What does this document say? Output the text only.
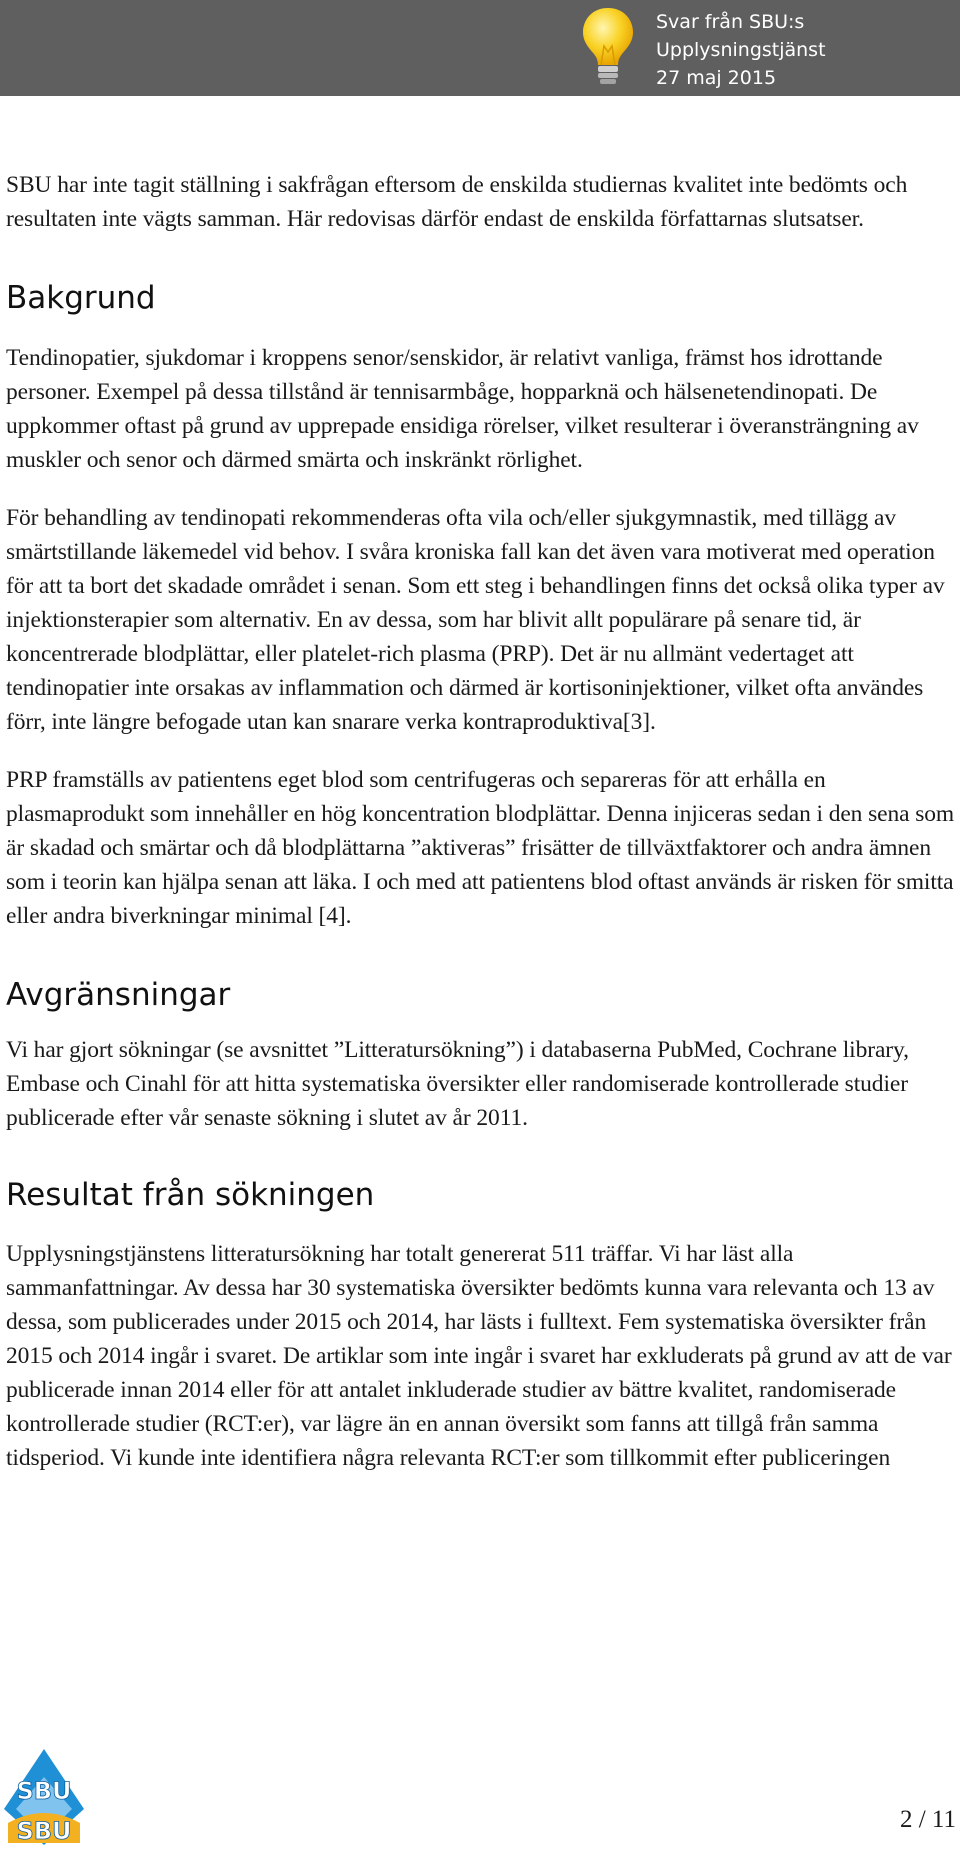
Svar från SBU:s Upplysningstjänst
27 maj 2015

SBU har inte tagit ställning i sakfrågan eftersom de enskilda studiernas kvalitet inte bedömts och resultaten inte vägts samman. Här redovisas därför endast de enskilda författarnas slutsatser.

Bakgrund

Tendinopatier, sjukdomar i kroppens senor/senskidor, är relativt vanliga, främst hos idrottande personer. Exempel på dessa tillstånd är tennisarmbåge, hopparknä och hälsenetendinopati. De uppkommer oftast på grund av upprepade ensidiga rörelser, vilket resulterar i överansträngning av muskler och senor och därmed smärta och inskränkt rörlighet.

För behandling av tendinopati rekommenderas ofta vila och/eller sjukgymnastik, med tillägg av smärtstillande läkemedel vid behov. I svåra kroniska fall kan det även vara motiverat med operation för att ta bort det skadade området i senan. Som ett steg i behandlingen finns det också olika typer av injektionsterapier som alternativ. En av dessa, som har blivit allt populärare på senare tid, är koncentrerade blodplättar, eller platelet-rich plasma (PRP). Det är nu allmänt vedertaget att tendinopatier inte orsakas av inflammation och därmed är kortisoninjektioner, vilket ofta användes förr, inte längre befogade utan kan snarare verka kontraproduktiva[3].

PRP framställs av patientens eget blod som centrifugeras och separeras för att erhålla en plasmaprodukt som innehåller en hög koncentration blodplättar. Denna injiceras sedan i den sena som är skadad och smärtar och då blodplättarna ”aktiveras” frisätter de tillväxtfaktorer och andra ämnen som i teorin kan hjälpa senan att läka. I och med att patientens blod oftast används är risken för smitta eller andra biverkningar minimal [4].

Avgränsningar

Vi har gjort sökningar (se avsnittet ”Litteratursökning”) i databaserna PubMed, Cochrane library, Embase och Cinahl för att hitta systematiska översikter eller randomiserade kontrollerade studier publicerade efter vår senaste sökning i slutet av år 2011.

Resultat från sökningen

Upplysningstjänstens litteratursökning har totalt genererat 511 träffar. Vi har läst alla sammanfattningar. Av dessa har 30 systematiska översikter bedömts kunna vara relevanta och 13 av dessa, som publicerades under 2015 och 2014, har lästs i fulltext. Fem systematiska översikter från 2015 och 2014 ingår i svaret. De artiklar som inte ingår i svaret har exkluderats på grund av att de var publicerade innan 2014 eller för att antalet inkluderade studier av bättre kvalitet, randomiserade kontrollerade studier (RCT:er), var lägre än en annan översikt som fanns att tillgå från samma tidsperiod. Vi kunde inte identifiera några relevanta RCT:er som tillkommit efter publiceringen

SBU
SBU	2 / 11
